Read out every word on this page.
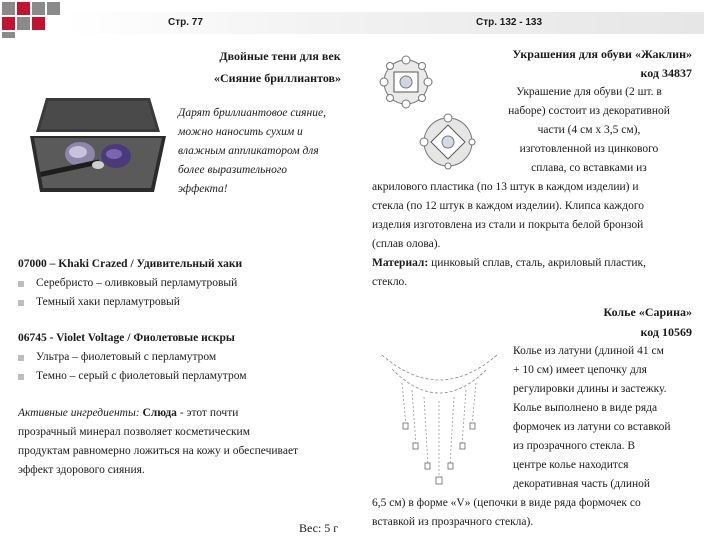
Стр. 77	Стр. 132 - 133
Двойные тени для век
«Сияние бриллиантов»
Дарят бриллиантовое сияние,
можно наносить сухим и
влажным аппликатором для
более выразительного
эффекта!
07000 – Khaki Crazed / Удивительный хаки
Серебристо – оливковый перламутровый
Темный хаки перламутровый
06745 - Violet Voltage / Фиолетовые искры
Ультра – фиолетовый с перламутром
Темно – серый с фиолетовый перламутром
Активные ингредиенты: Слюда - этот почти
прозрачный минерал позволяет косметическим
продуктам равномерно ложиться на кожу и обеспечивает
эффект здорового сияния.
Вес: 5 г
Украшения для обуви «Жаклин»
код 34837
Украшение для обуви (2 шт. в
наборе) состоит из декоративной
части (4 см х 3,5 см),
изготовленной из цинкового
сплава, со вставками из
акрилового пластика (по 13 штук в каждом изделии) и
стекла (по 12 штук в каждом изделии). Клипса каждого
изделия изготовлена из стали и покрыта белой бронзой
(сплав олова).
Материал: цинковый сплав, сталь, акриловый пластик,
стекло.
Колье «Сарина»
код 10569
Колье из латуни (длиной 41 см
+ 10 см) имеет цепочку для
регулировки длины и застежку.
Колье выполнено в виде ряда
формочек из латуни со вставкой
из прозрачного стекла. В
центре колье находится
декоративная часть (длиной
6,5 см) в форме «V» (цепочки в виде ряда формочек со
вставкой из прозрачного стекла).
